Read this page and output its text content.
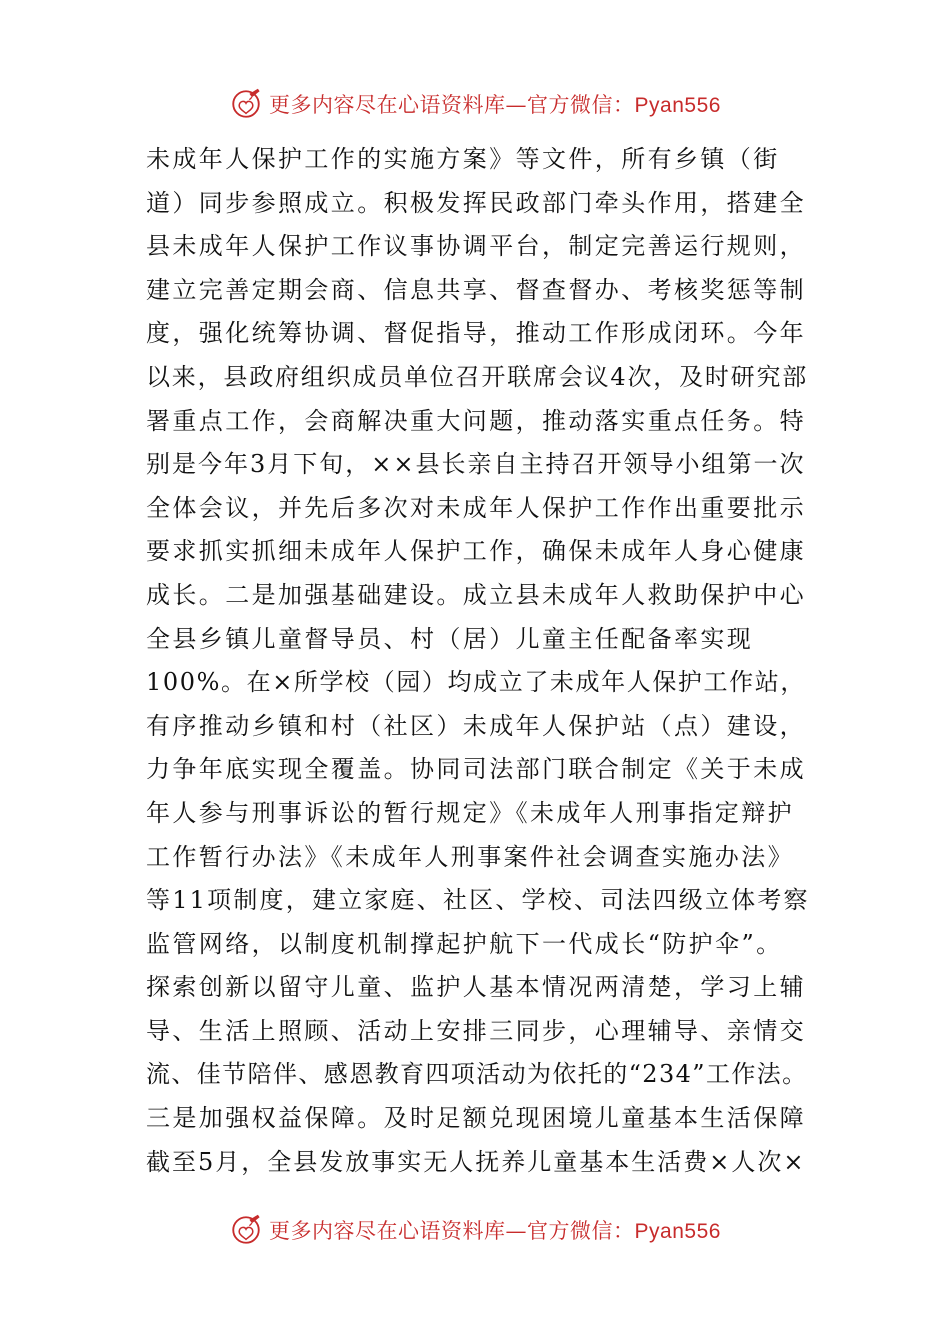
更多内容尽在心语资料库—官方微信：Pyan556
未成年人保护工作的实施方案》等文件，所有乡镇（街
道）同步参照成立。积极发挥民政部门牵头作用，搭建全
县未成年人保护工作议事协调平台，制定完善运行规则，
建立完善定期会商、信息共享、督查督办、考核奖惩等制
度，强化统筹协调、督促指导，推动工作形成闭环。今年
以来，县政府组织成员单位召开联席会议4次，及时研究部
署重点工作，会商解决重大问题，推动落实重点任务。特
别是今年3月下旬，××县长亲自主持召开领导小组第一次
全体会议，并先后多次对未成年人保护工作作出重要批示
要求抓实抓细未成年人保护工作，确保未成年人身心健康
成长。二是加强基础建设。成立县未成年人救助保护中心
全县乡镇儿童督导员、村（居）儿童主任配备率实现
100%。在×所学校（园）均成立了未成年人保护工作站，
有序推动乡镇和村（社区）未成年人保护站（点）建设，
力争年底实现全覆盖。协同司法部门联合制定《关于未成
年人参与刑事诉讼的暂行规定》《未成年人刑事指定辩护
工作暂行办法》《未成年人刑事案件社会调查实施办法》
等11项制度，建立家庭、社区、学校、司法四级立体考察
监管网络，以制度机制撑起护航下一代成长“防护伞”。
探索创新以留守儿童、监护人基本情况两清楚，学习上辅
导、生活上照顾、活动上安排三同步，心理辅导、亲情交
流、佳节陪伴、感恩教育四项活动为依托的“234”工作法。
三是加强权益保障。及时足额兑现困境儿童基本生活保障
截至5月，全县发放事实无人抚养儿童基本生活费×人次×
更多内容尽在心语资料库—官方微信：Pyan556
